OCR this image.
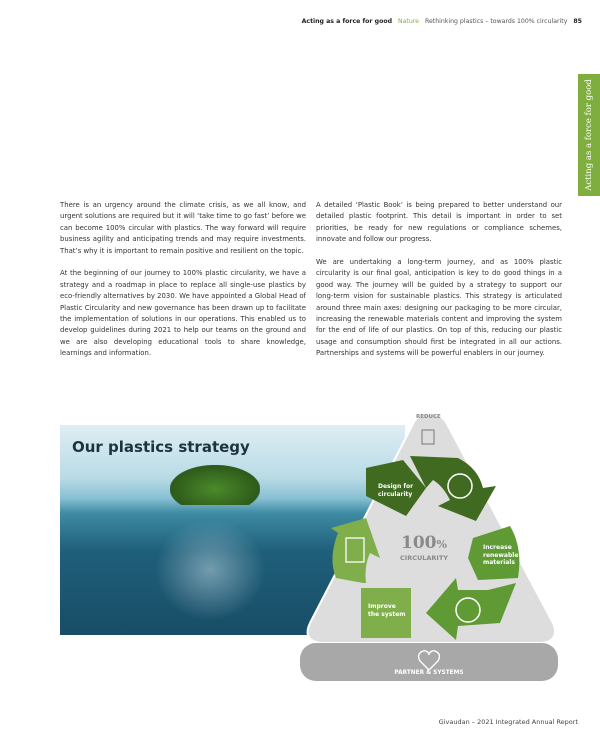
Acting as a force for good Nature Rethinking plastics – towards 100% circularity 85
Acting as a force for good

There is an urgency around the climate crisis, as we all know, and urgent solutions are required but it will ‘take time to go fast’ before we can become 100% circular with plastics. The way forward will require business agility and anticipating trends and may require investments. That’s why it is important to remain positive and resilient on the topic.

At the beginning of our journey to 100% plastic circularity, we have a strategy and a roadmap in place to replace all single-use plastics by eco-friendly alternatives by 2030. We have appointed a Global Head of Plastic Circularity and new governance has been drawn up to facilitate the implementation of solutions in our operations. This enabled us to develop guidelines during 2021 to help our teams on the ground and we are also developing educational tools to share knowledge, learnings and information.

A detailed ‘Plastic Book’ is being prepared to better understand our detailed plastic footprint. This detail is important in order to set priorities, be ready for new regulations or compliance schemes, innovate and follow our progress.

We are undertaking a long-term journey, and as 100% plastic circularity is our final goal, anticipation is key to do good things in a good way. The journey will be guided by a strategy to support our long-term vision for sustainable plastics. This strategy is articulated around three main axes: designing our packaging to be more circular, increasing the renewable materials content and improving the system for the end of life of our plastics. On top of this, reducing our plastic usage and consumption should first be integrated in all our actions. Partnerships and systems will be powerful enablers in our journey.

Our plastics strategy
REDUCE
Design for circularity
Increase renewable materials
Improve the system
100%
CIRCULARITY
PARTNER & SYSTEMS
Givaudan – 2021 Integrated Annual Report
